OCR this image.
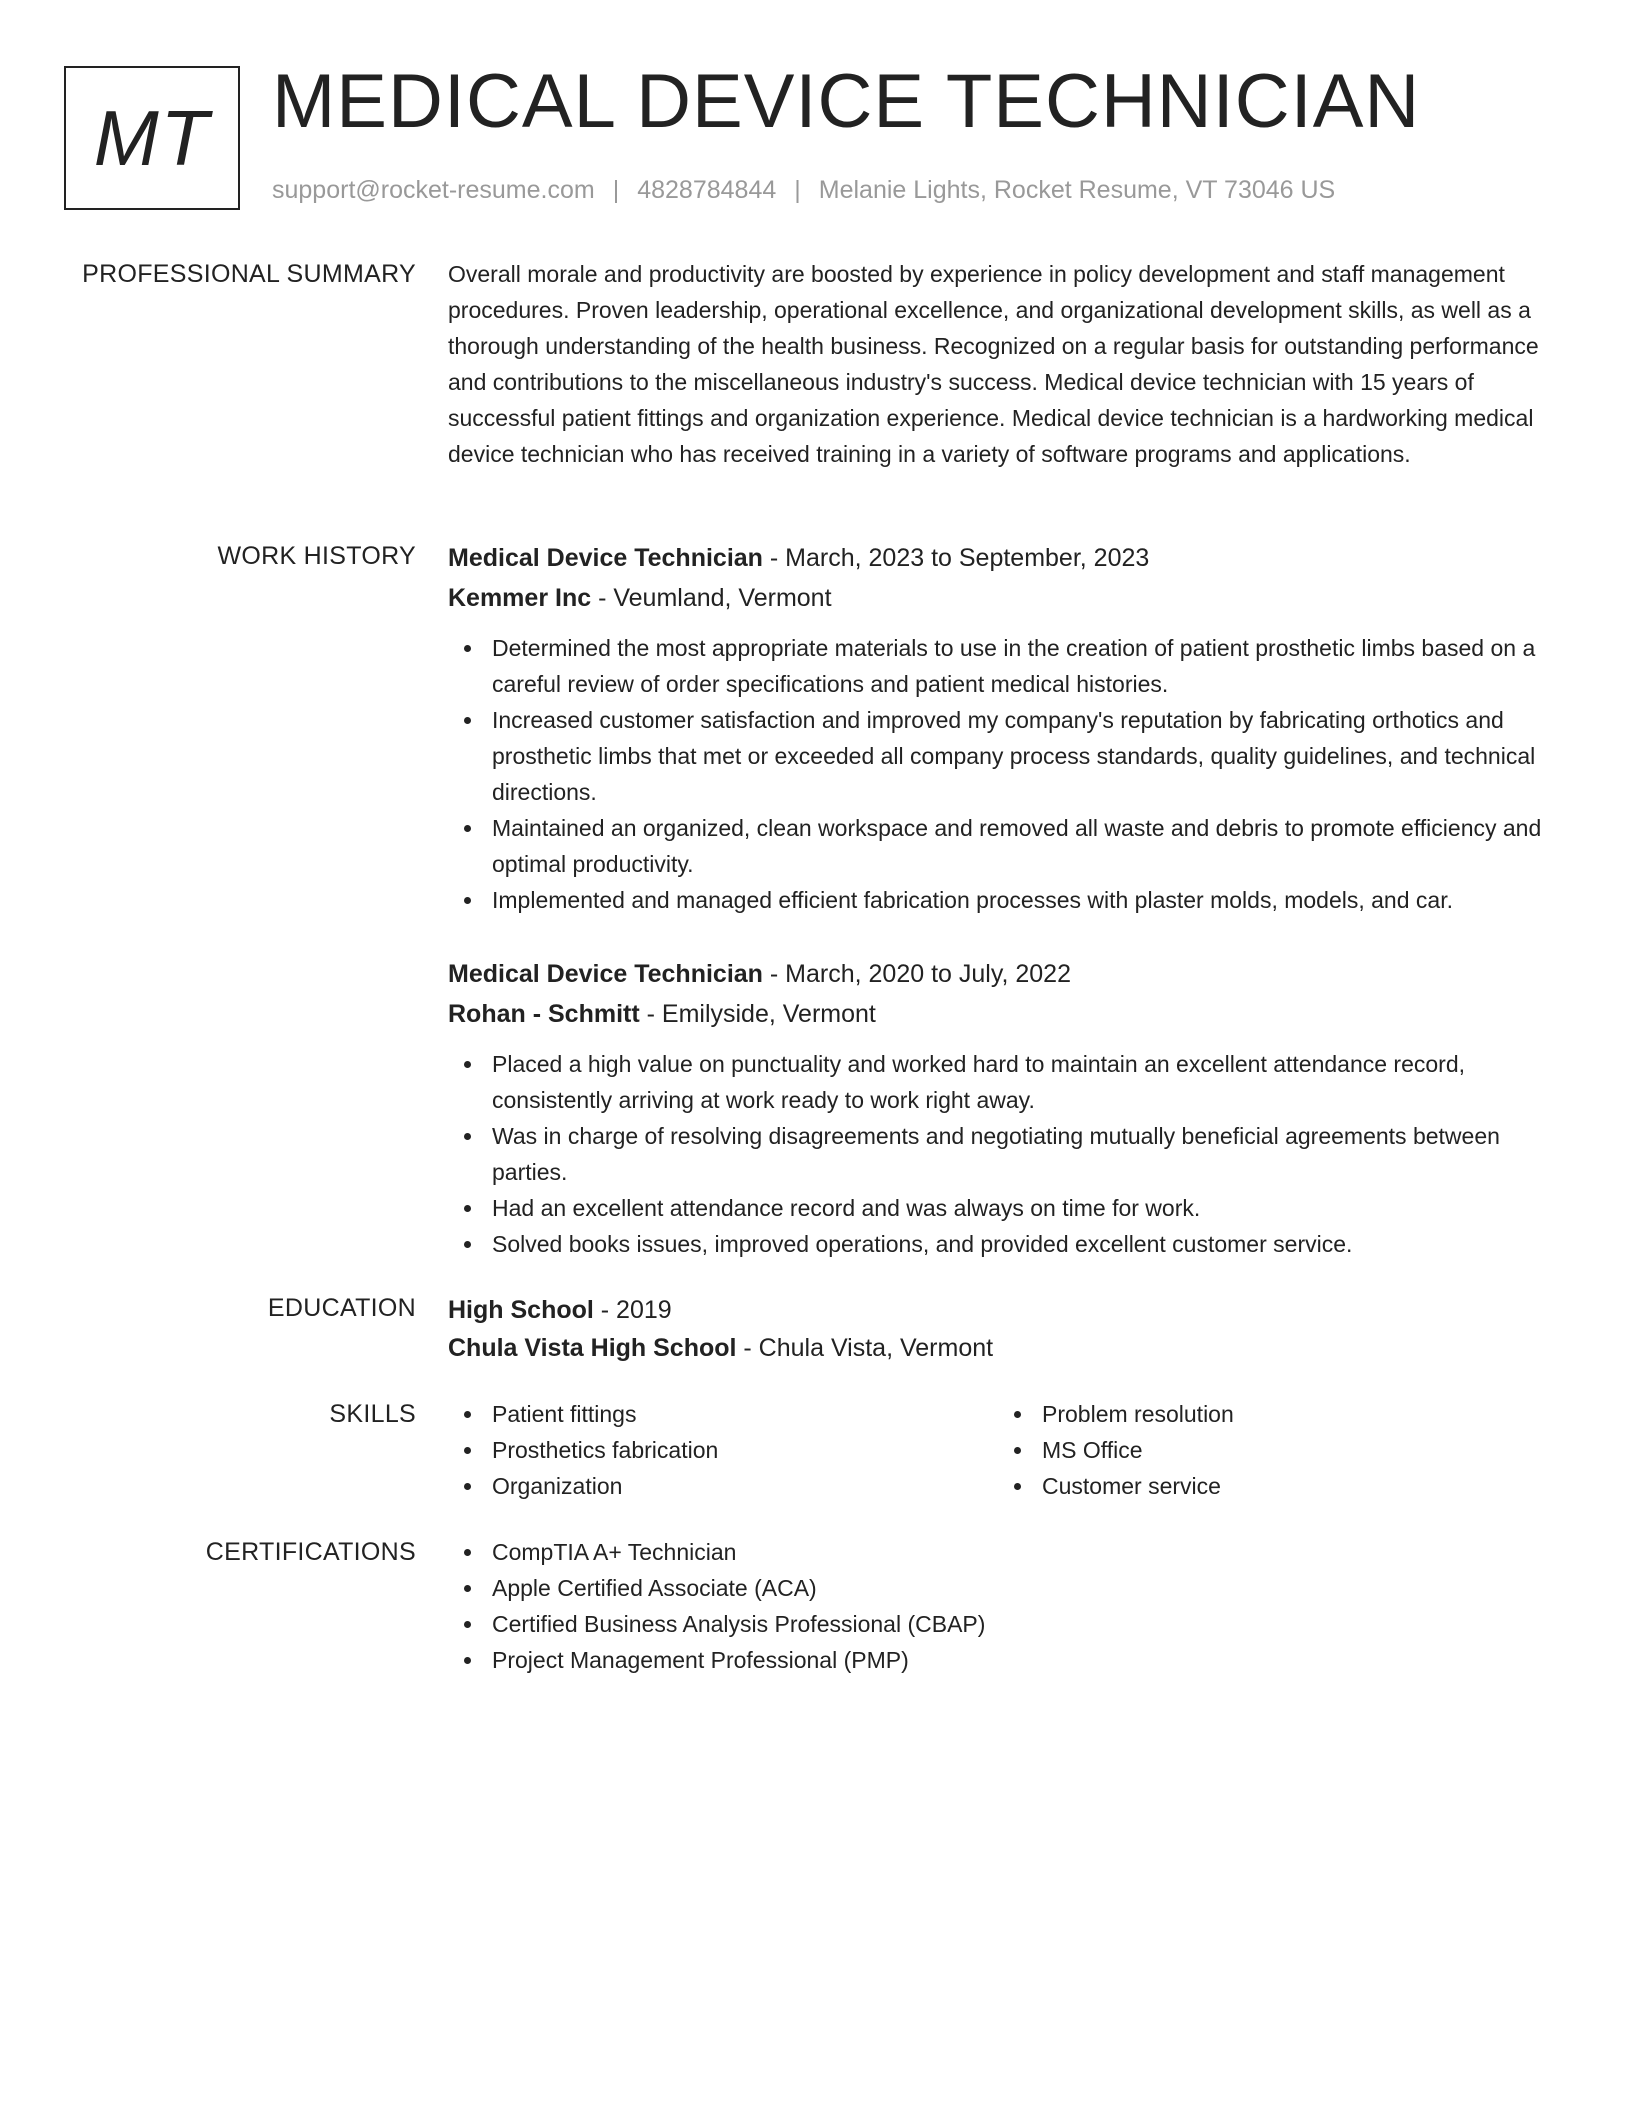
MT MEDICAL DEVICE TECHNICIAN
support@rocket-resume.com | 4828784844 | Melanie Lights, Rocket Resume, VT 73046 US
PROFESSIONAL SUMMARY Overall morale and productivity are boosted by experience in policy development and staff management procedures. Proven leadership, operational excellence, and organizational development skills, as well as a thorough understanding of the health business. Recognized on a regular basis for outstanding performance and contributions to the miscellaneous industry's success. Medical device technician with 15 years of successful patient fittings and organization experience. Medical device technician is a hardworking medical device technician who has received training in a variety of software programs and applications.
WORK HISTORY Medical Device Technician - March, 2023 to September, 2023
Kemmer Inc - Veumland, Vermont
Determined the most appropriate materials to use in the creation of patient prosthetic limbs based on a careful review of order specifications and patient medical histories.
Increased customer satisfaction and improved my company's reputation by fabricating orthotics and prosthetic limbs that met or exceeded all company process standards, quality guidelines, and technical directions.
Maintained an organized, clean workspace and removed all waste and debris to promote efficiency and optimal productivity.
Implemented and managed efficient fabrication processes with plaster molds, models, and car.
Medical Device Technician - March, 2020 to July, 2022
Rohan - Schmitt - Emilyside, Vermont
Placed a high value on punctuality and worked hard to maintain an excellent attendance record, consistently arriving at work ready to work right away.
Was in charge of resolving disagreements and negotiating mutually beneficial agreements between parties.
Had an excellent attendance record and was always on time for work.
Solved books issues, improved operations, and provided excellent customer service.
EDUCATION High School - 2019
Chula Vista High School - Chula Vista, Vermont
SKILLS	Patient fittings
Prosthetics fabrication
Organization
Problem resolution
MS Office
Customer service
CERTIFICATIONS	CompTIA A+ Technician
Apple Certified Associate (ACA)
Certified Business Analysis Professional (CBAP)
Project Management Professional (PMP)
